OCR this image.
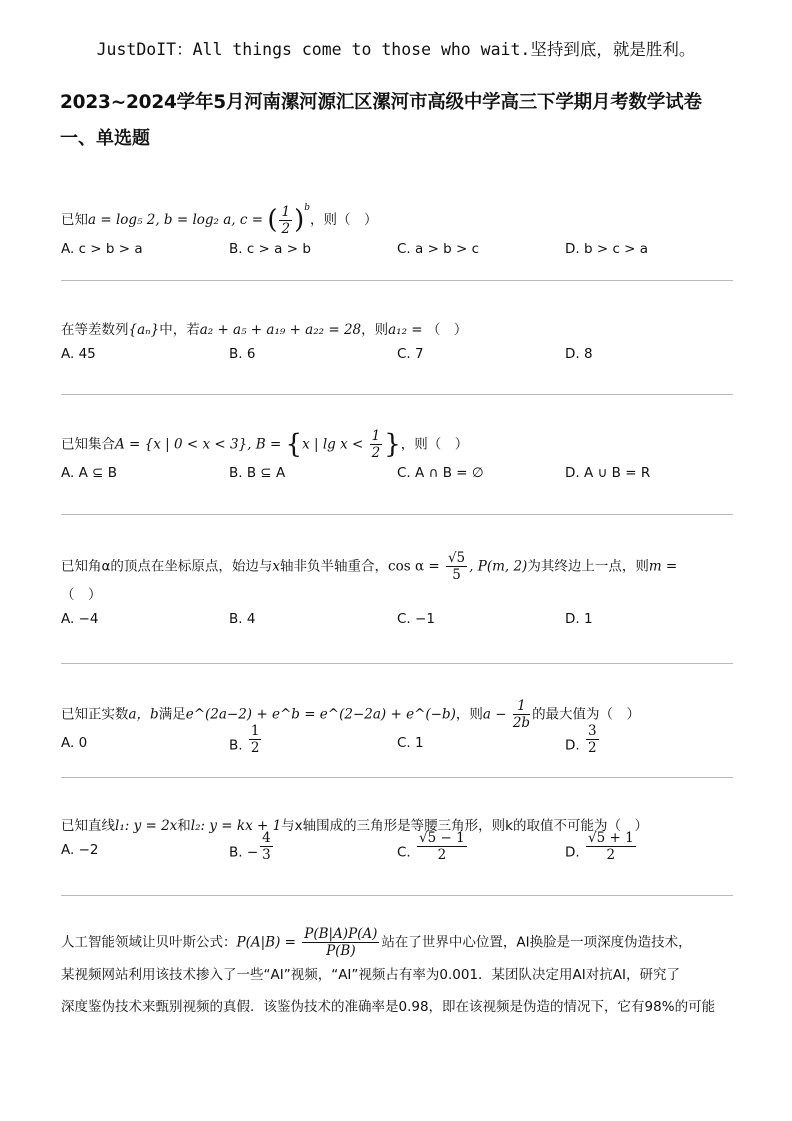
JustDoIT：All things come to those who wait.坚持到底，就是胜利。
2023~2024学年5月河南漯河源汇区漯河市高级中学高三下学期月考数学试卷
一、单选题
已知a = log₅ 2, b = log₂ a, c = ( $\frac{1}{2} )^b$，则（　）
A. c > b > a	B. c > a > b	C. a > b > c	D. b > c > a
在等差数列{aₙ}中，若a₂ + a₅ + a₁₉ + a₂₂ = 28，则a₁₂ = （　）
A. 45	B. 6	C. 7	D. 8
已知集合A = {x | 0 < x < 3}, B = {x | $\lg x < \frac{1}{2}$ }，则（　）
A. A ⊆ B	B. B ⊆ A	C. A ∩ B = ∅	D. A ∪ B = R
已知角α的顶点在坐标原点，始边与x轴非负半轴重合，$\cos \alpha = \frac{√5}{5}$ , P(m, 2)为其终边上一点，则m =
（　）
A. −4	B. 4	C. −1	D. 1
已知正实数a，b满足e^(2a−2) + e^b = e^(2−2a) + e^(−b)，则$a - \frac{1}{2b}$ 的最大值为（　）
A. 0	B. $\frac{1}{2}$	C. 1	D. $\frac{3}{2}$
已知直线l₁: y = 2x和l₂: y = kx + 1与x轴围成的三角形是等腰三角形，则k的取值不可能为（　）
A. −2	B. − $\frac{4}{3}$	C. $\frac{√5 - 1}{2}$	D. $\frac{√5 + 1}{2}$
人工智能领域让贝叶斯公式：$P(A|B) = \frac{P(B|A)P(A)}{P(B)}$ 站在了世界中心位置，AI换脸是一项深度伪造技术，
某视频网站利用该技术掺入了一些“AI”视频，“AI”视频占有率为0.001．某团队决定用AI对抗AI，研究了
深度鉴伪技术来甄别视频的真假．该鉴伪技术的准确率是0.98，即在该视频是伪造的情况下，它有98%的可能
